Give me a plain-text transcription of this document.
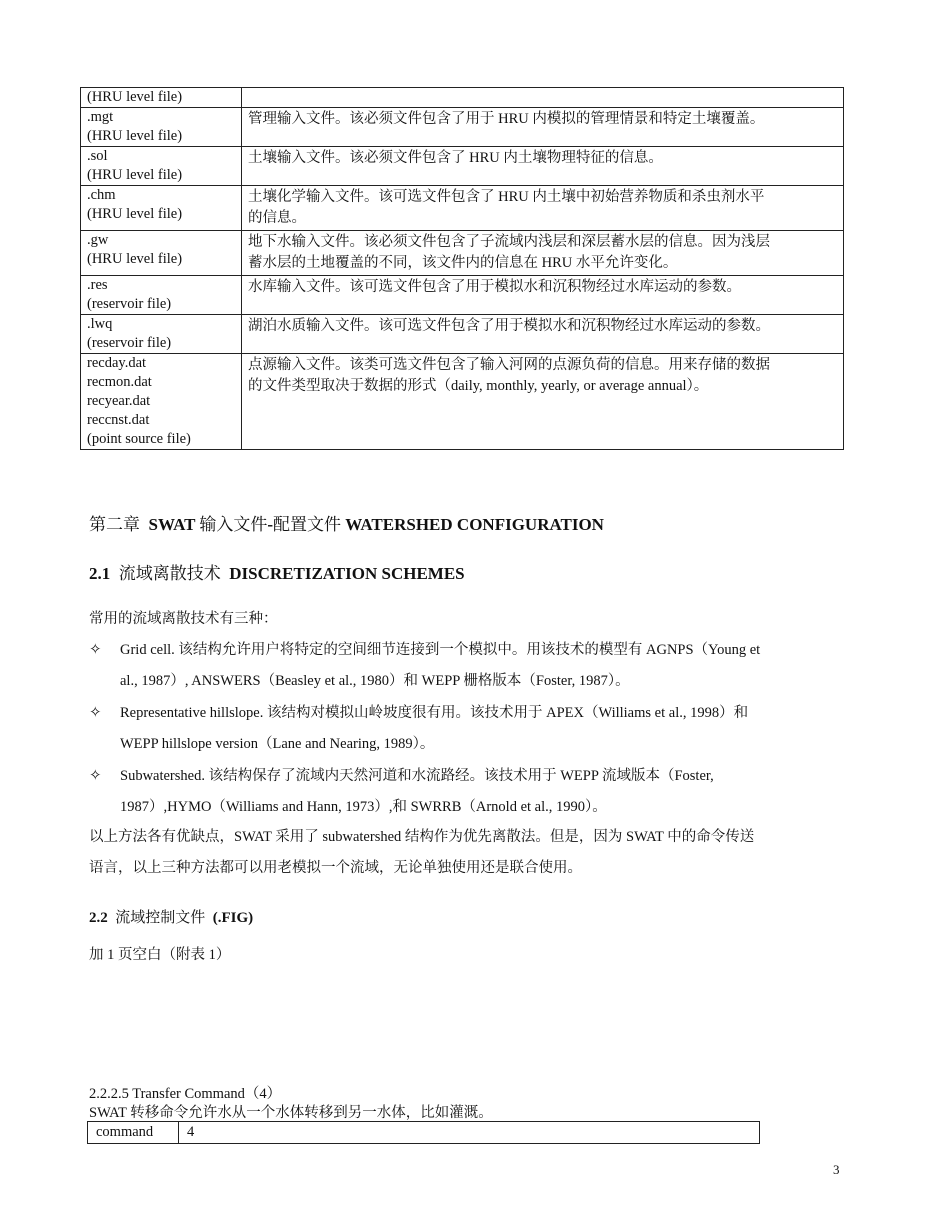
(HRU level file)	

.mgt
(HRU level file)	管理输入文件。该必须文件包含了用于 HRU 内模拟的管理情景和特定土壤覆盖。

.sol
(HRU level file)	土壤输入文件。该必须文件包含了 HRU 内土壤物理特征的信息。

.chm
(HRU level file)	土壤化学输入文件。该可选文件包含了 HRU 内土壤中初始营养物质和杀虫剂水平
的信息。

.gw
(HRU level file)	地下水输入文件。该必须文件包含了子流域内浅层和深层蓄水层的信息。因为浅层
蓄水层的土地覆盖的不同，该文件内的信息在 HRU 水平允许变化。

.res
(reservoir file)	水库输入文件。该可选文件包含了用于模拟水和沉积物经过水库运动的参数。

.lwq
(reservoir file)	湖泊水质输入文件。该可选文件包含了用于模拟水和沉积物经过水库运动的参数。

recday.dat
recmon.dat
recyear.dat
reccnst.dat
(point source file)	点源输入文件。该类可选文件包含了输入河网的点源负荷的信息。用来存储的数据
的文件类型取决于数据的形式（daily, monthly, yearly, or average annual）。
第二章 SWAT 输入文件-配置文件 WATERSHED CONFIGURATION
2.1 流域离散技术 DISCRETIZATION SCHEMES
常用的流域离散技术有三种：
✧ Grid cell. 该结构允许用户将特定的空间细节连接到一个模拟中。用该技术的模型有 AGNPS（Young et
al., 1987）, ANSWERS（Beasley et al., 1980）和 WEPP 栅格版本（Foster, 1987）。
✧ Representative hillslope. 该结构对模拟山岭坡度很有用。该技术用于 APEX（Williams et al., 1998）和
WEPP hillslope version（Lane and Nearing, 1989）。
✧ Subwatershed. 该结构保存了流域内天然河道和水流路经。该技术用于 WEPP 流域版本（Foster,
1987）,HYMO（Williams and Hann, 1973）,和 SWRRB（Arnold et al., 1990）。
以上方法各有优缺点，SWAT 采用了 subwatershed 结构作为优先离散法。但是，因为 SWAT 中的命令传送
语言，以上三种方法都可以用老模拟一个流域，无论单独使用还是联合使用。
2.2 流域控制文件 (.FIG)
加 1 页空白（附表 1）
2.2.2.5 Transfer Command（4）
SWAT 转移命令允许水从一个水体转移到另一水体，比如灌溉。
command	4
3
